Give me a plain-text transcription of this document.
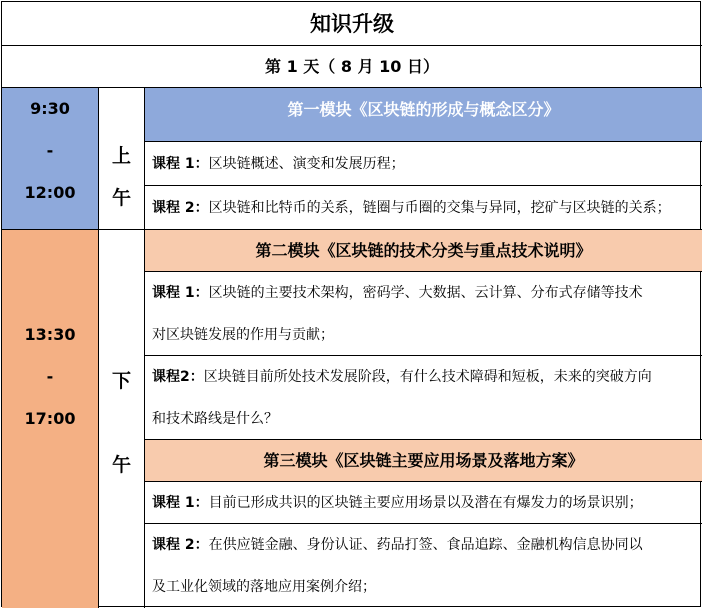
知识升级
第 1 天（ 8 月 10 日）
9:30
-
12:00
上
午
第一模块《区块链的形成与概念区分》
课程 1：区块链概述、演变和发展历程；
课程 2：区块链和比特币的关系，链圈与币圈的交集与异同，挖矿与区块链的关系；
13:30
-
17:00
下
午
第二模块《区块链的技术分类与重点技术说明》
课程 1：区块链的主要技术架构，密码学、大数据、云计算、分布式存储等技术
对区块链发展的作用与贡献；
课程2：区块链目前所处技术发展阶段，有什么技术障碍和短板，未来的突破方向
和技术路线是什么？
第三模块《区块链主要应用场景及落地方案》
课程 1：目前已形成共识的区块链主要应用场景以及潜在有爆发力的场景识别；
课程 2：在供应链金融、身份认证、药品打签、食品追踪、金融机构信息协同以
及工业化领域的落地应用案例介绍；
